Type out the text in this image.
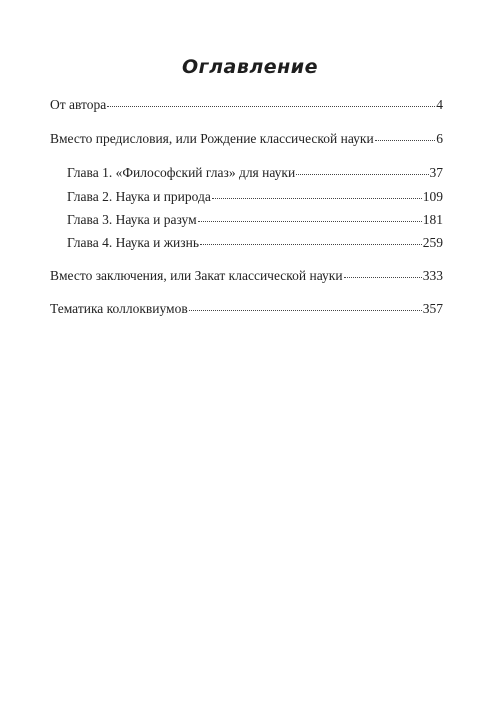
Оглавление
От автора	4
Вместо предисловия, или Рождение классической науки	6
Глава 1. «Философский глаз» для науки	37
Глава 2. Наука и природа	109
Глава 3. Наука и разум	181
Глава 4. Наука и жизнь	259
Вместо заключения, или Закат классической науки	333
Тематика коллоквиумов	357
